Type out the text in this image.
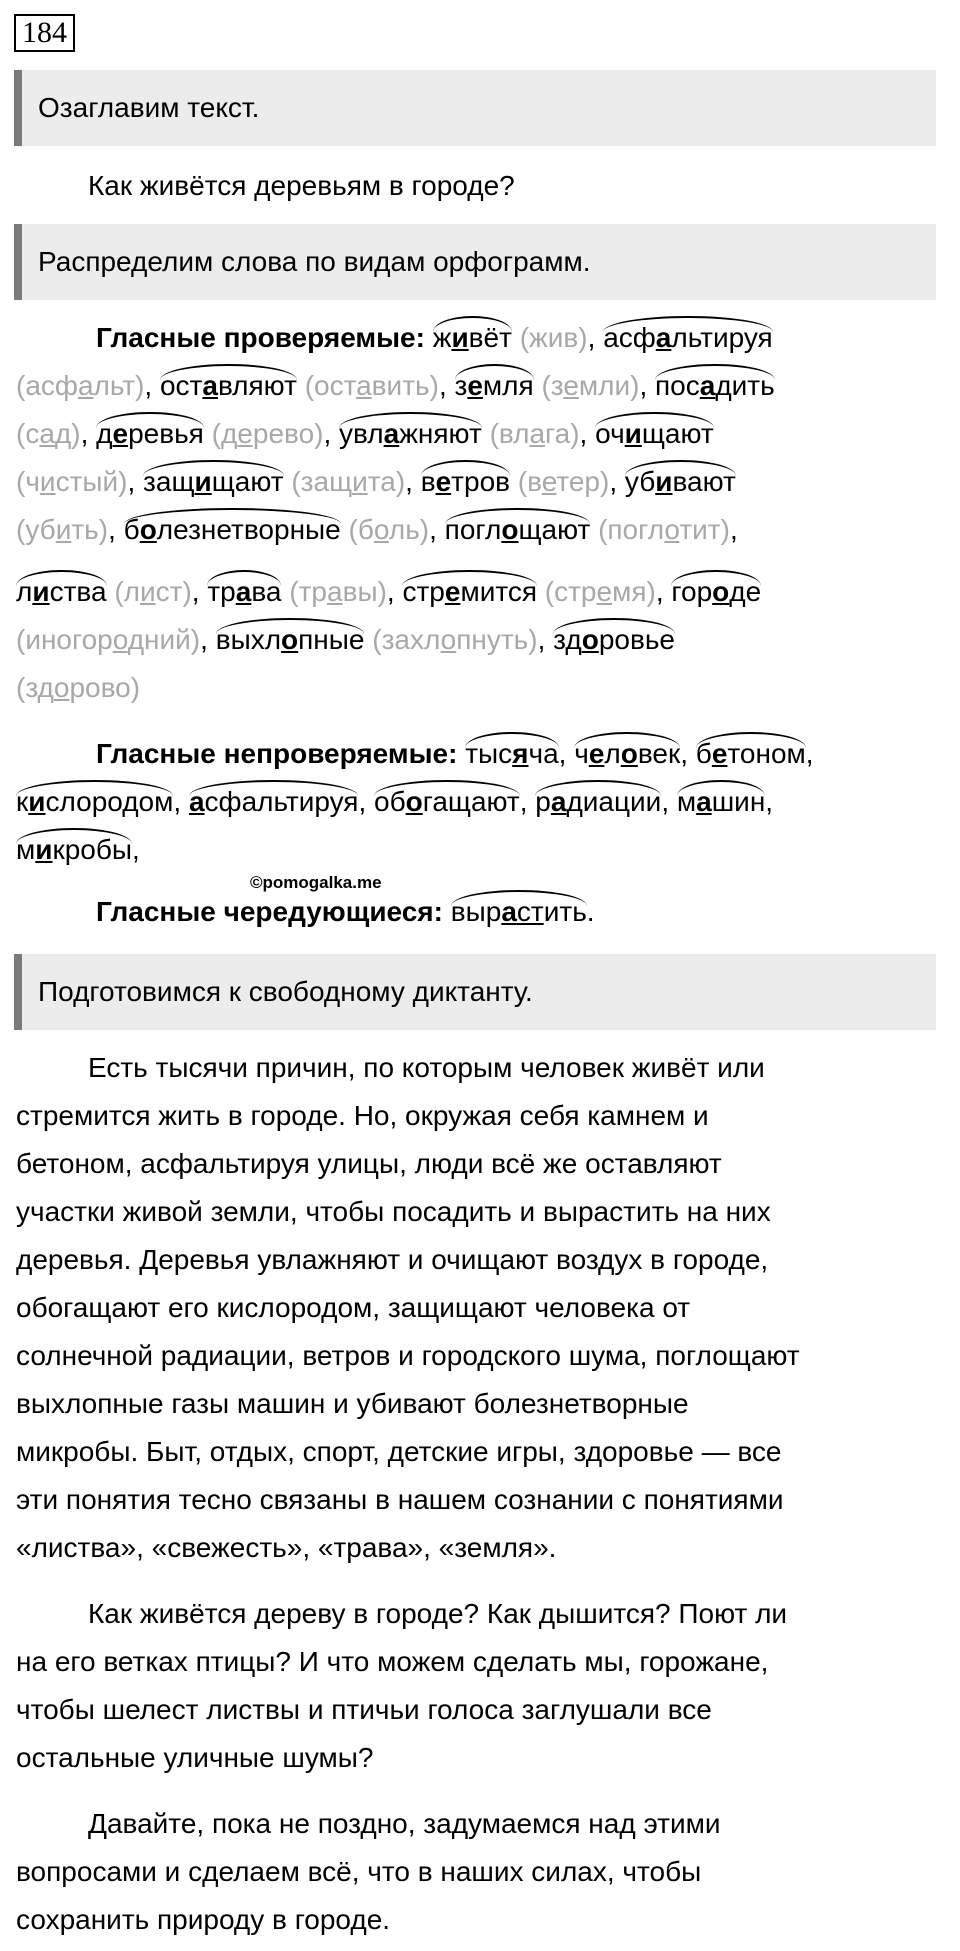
184
Озаглавим текст.
Как живётся деревьям в городе?
Распределим слова по видам орфограмм.
Гласные проверяемые: живёт (жив), асфальтируя
(асфальт), оставляют (оставить), земля (земли), посадить
(сад), деревья (дерево), увлажняют (влага), очищают
(чистый), защищают (защита), ветров (ветер), убивают
(убить), болезнетворные (боль), поглощают (поглотит),
листва (лист), трава (травы), стремится (стремя), городе
(иногородний), выхлопные (захлопнуть), здоровье
(здорово)
Гласные непроверяемые: тысяча, человек, бетоном,
кислородом, асфальтируя, обогащают, радиации, машин,
микробы,
©pomogalka.me
Гласные чередующиеся: вырастить.
Подготовимся к свободному диктанту.
Есть тысячи причин, по которым человек живёт или
стремится жить в городе. Но, окружая себя камнем и
бетоном, асфальтируя улицы, люди всё же оставляют
участки живой земли, чтобы посадить и вырастить на них
деревья. Деревья увлажняют и очищают воздух в городе,
обогащают его кислородом, защищают человека от
солнечной радиации, ветров и городского шума, поглощают
выхлопные газы машин и убивают болезнетворные
микробы. Быт, отдых, спорт, детские игры, здоровье — все
эти понятия тесно связаны в нашем сознании с понятиями
«листва», «свежесть», «трава», «земля».
Как живётся дереву в городе? Как дышится? Поют ли
на его ветках птицы? И что можем сделать мы, горожане,
чтобы шелест листвы и птичьи голоса заглушали все
остальные уличные шумы?
Давайте, пока не поздно, задумаемся над этими
вопросами и сделаем всё, что в наших силах, чтобы
сохранить природу в городе.
